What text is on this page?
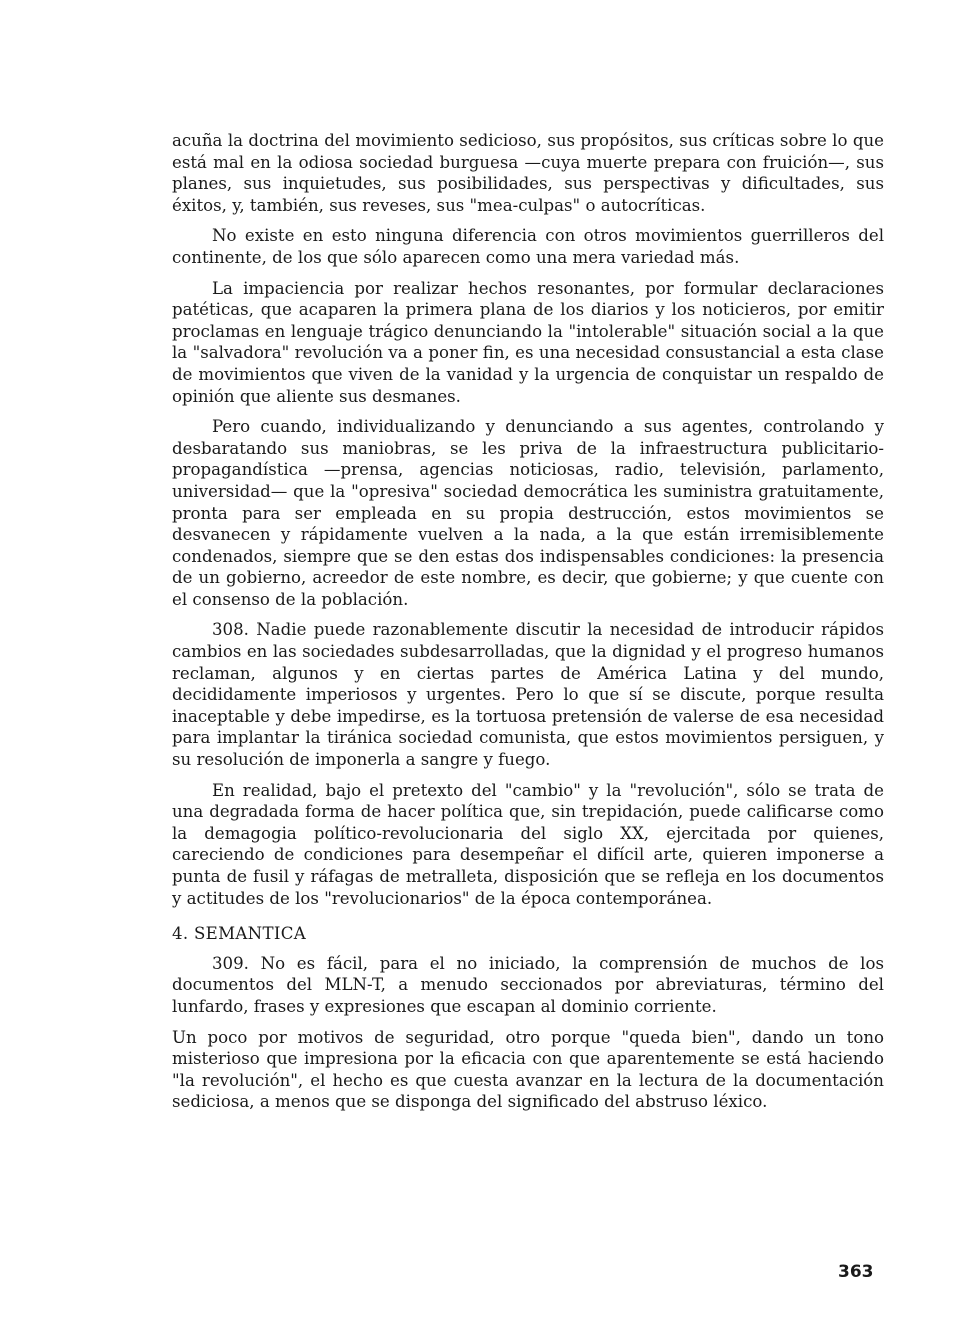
acuña la doctrina del movimiento sedicioso, sus propósitos, sus críticas sobre lo que está mal en la odiosa sociedad burguesa —cuya muerte prepara con fruición—, sus planes, sus inquietudes, sus posibilidades, sus perspectivas y dificultades, sus éxitos, y, también, sus reveses, sus "mea-culpas" o autocríticas.

No existe en esto ninguna diferencia con otros movimientos guerrilleros del continente, de los que sólo aparecen como una mera variedad más.

La impaciencia por realizar hechos resonantes, por formular declaraciones patéticas, que acaparen la primera plana de los diarios y los noticieros, por emitir proclamas en lenguaje trágico denunciando la "intolerable" situación social a la que la "salvadora" revolución va a poner fin, es una necesidad consustancial a esta clase de movimientos que viven de la vanidad y la urgencia de conquistar un respaldo de opinión que aliente sus desmanes.

Pero cuando, individualizando y denunciando a sus agentes, controlando y desbaratando sus maniobras, se les priva de la infraestructura publicitario-propagandística —prensa, agencias noticiosas, radio, televisión, parlamento, universidad— que la "opresiva" sociedad democrática les suministra gratuitamente, pronta para ser empleada en su propia destrucción, estos movimientos se desvanecen y rápidamente vuelven a la nada, a la que están irremisiblemente condenados, siempre que se den estas dos indispensables condiciones: la presencia de un gobierno, acreedor de este nombre, es decir, que gobierne; y que cuente con el consenso de la población.

308. Nadie puede razonablemente discutir la necesidad de introducir rápidos cambios en las sociedades subdesarrolladas, que la dignidad y el progreso humanos reclaman, algunos y en ciertas partes de América Latina y del mundo, decididamente imperiosos y urgentes. Pero lo que sí se discute, porque resulta inaceptable y debe impedirse, es la tortuosa pretensión de valerse de esa necesidad para implantar la tiránica sociedad comunista, que estos movimientos persiguen, y su resolución de imponerla a sangre y fuego.

En realidad, bajo el pretexto del "cambio" y la "revolución", sólo se trata de una degradada forma de hacer política que, sin trepidación, puede calificarse como la demagogia político-revolucionaria del siglo XX, ejercitada por quienes, careciendo de condiciones para desempeñar el difícil arte, quieren imponerse a punta de fusil y ráfagas de metralleta, disposición que se refleja en los documentos y actitudes de los "revolucionarios" de la época contemporánea.

4. SEMANTICA

309. No es fácil, para el no iniciado, la comprensión de muchos de los documentos del MLN-T, a menudo seccionados por abreviaturas, término del lunfardo, frases y expresiones que escapan al dominio corriente.

Un poco por motivos de seguridad, otro porque "queda bien", dando un tono misterioso que impresiona por la eficacia con que aparentemente se está haciendo "la revolución", el hecho es que cuesta avanzar en la lectura de la documentación sediciosa, a menos que se disponga del significado del abstruso léxico.

363
